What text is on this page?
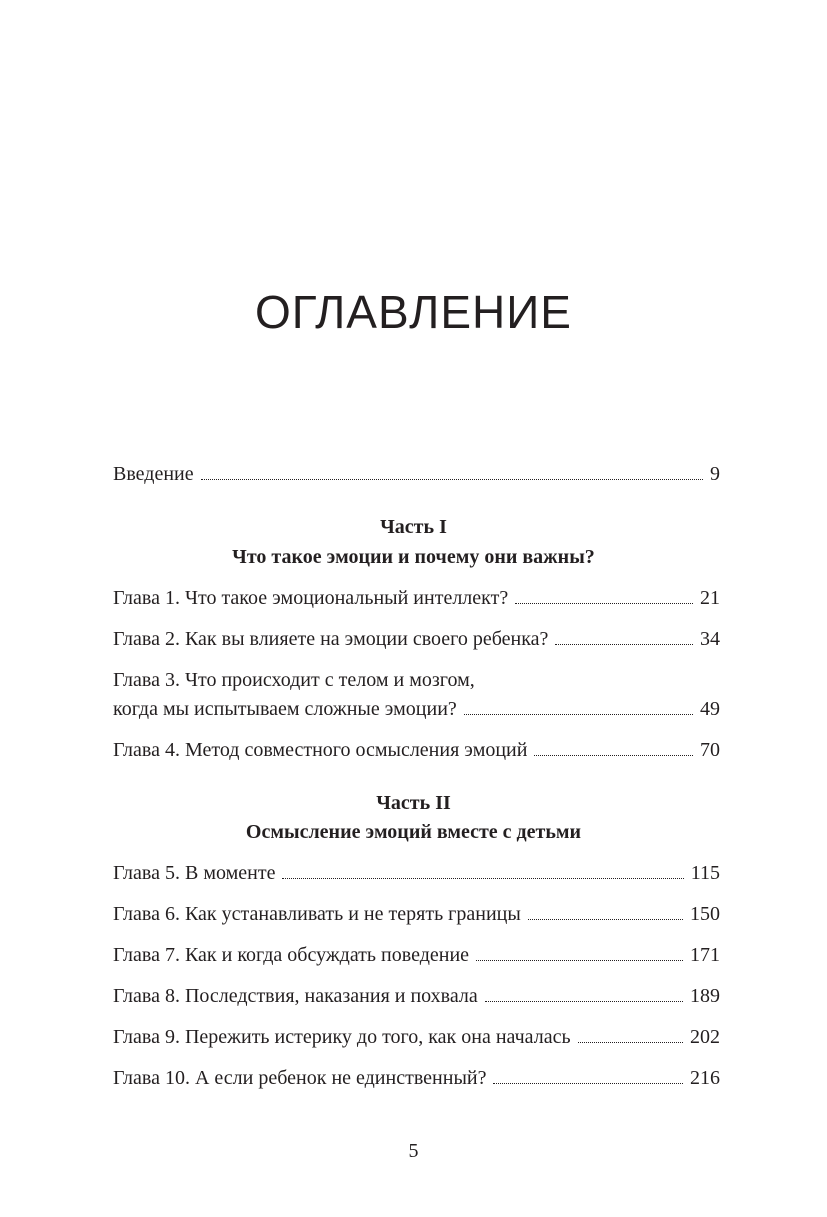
ОГЛАВЛЕНИЕ
Введение	9
Часть I
Что такое эмоции и почему они важны?
Глава 1. Что такое эмоциональный интеллект?	21
Глава 2. Как вы влияете на эмоции своего ребенка?	34
Глава 3. Что происходит с телом и мозгом,
когда мы испытываем сложные эмоции?	49
Глава 4. Метод совместного осмысления эмоций	70
Часть II
Осмысление эмоций вместе с детьми
Глава 5. В моменте	115
Глава 6. Как устанавливать и не терять границы	150
Глава 7. Как и когда обсуждать поведение	171
Глава 8. Последствия, наказания и похвала	189
Глава 9. Пережить истерику до того, как она началась	202
Глава 10. А если ребенок не единственный?	216
5
